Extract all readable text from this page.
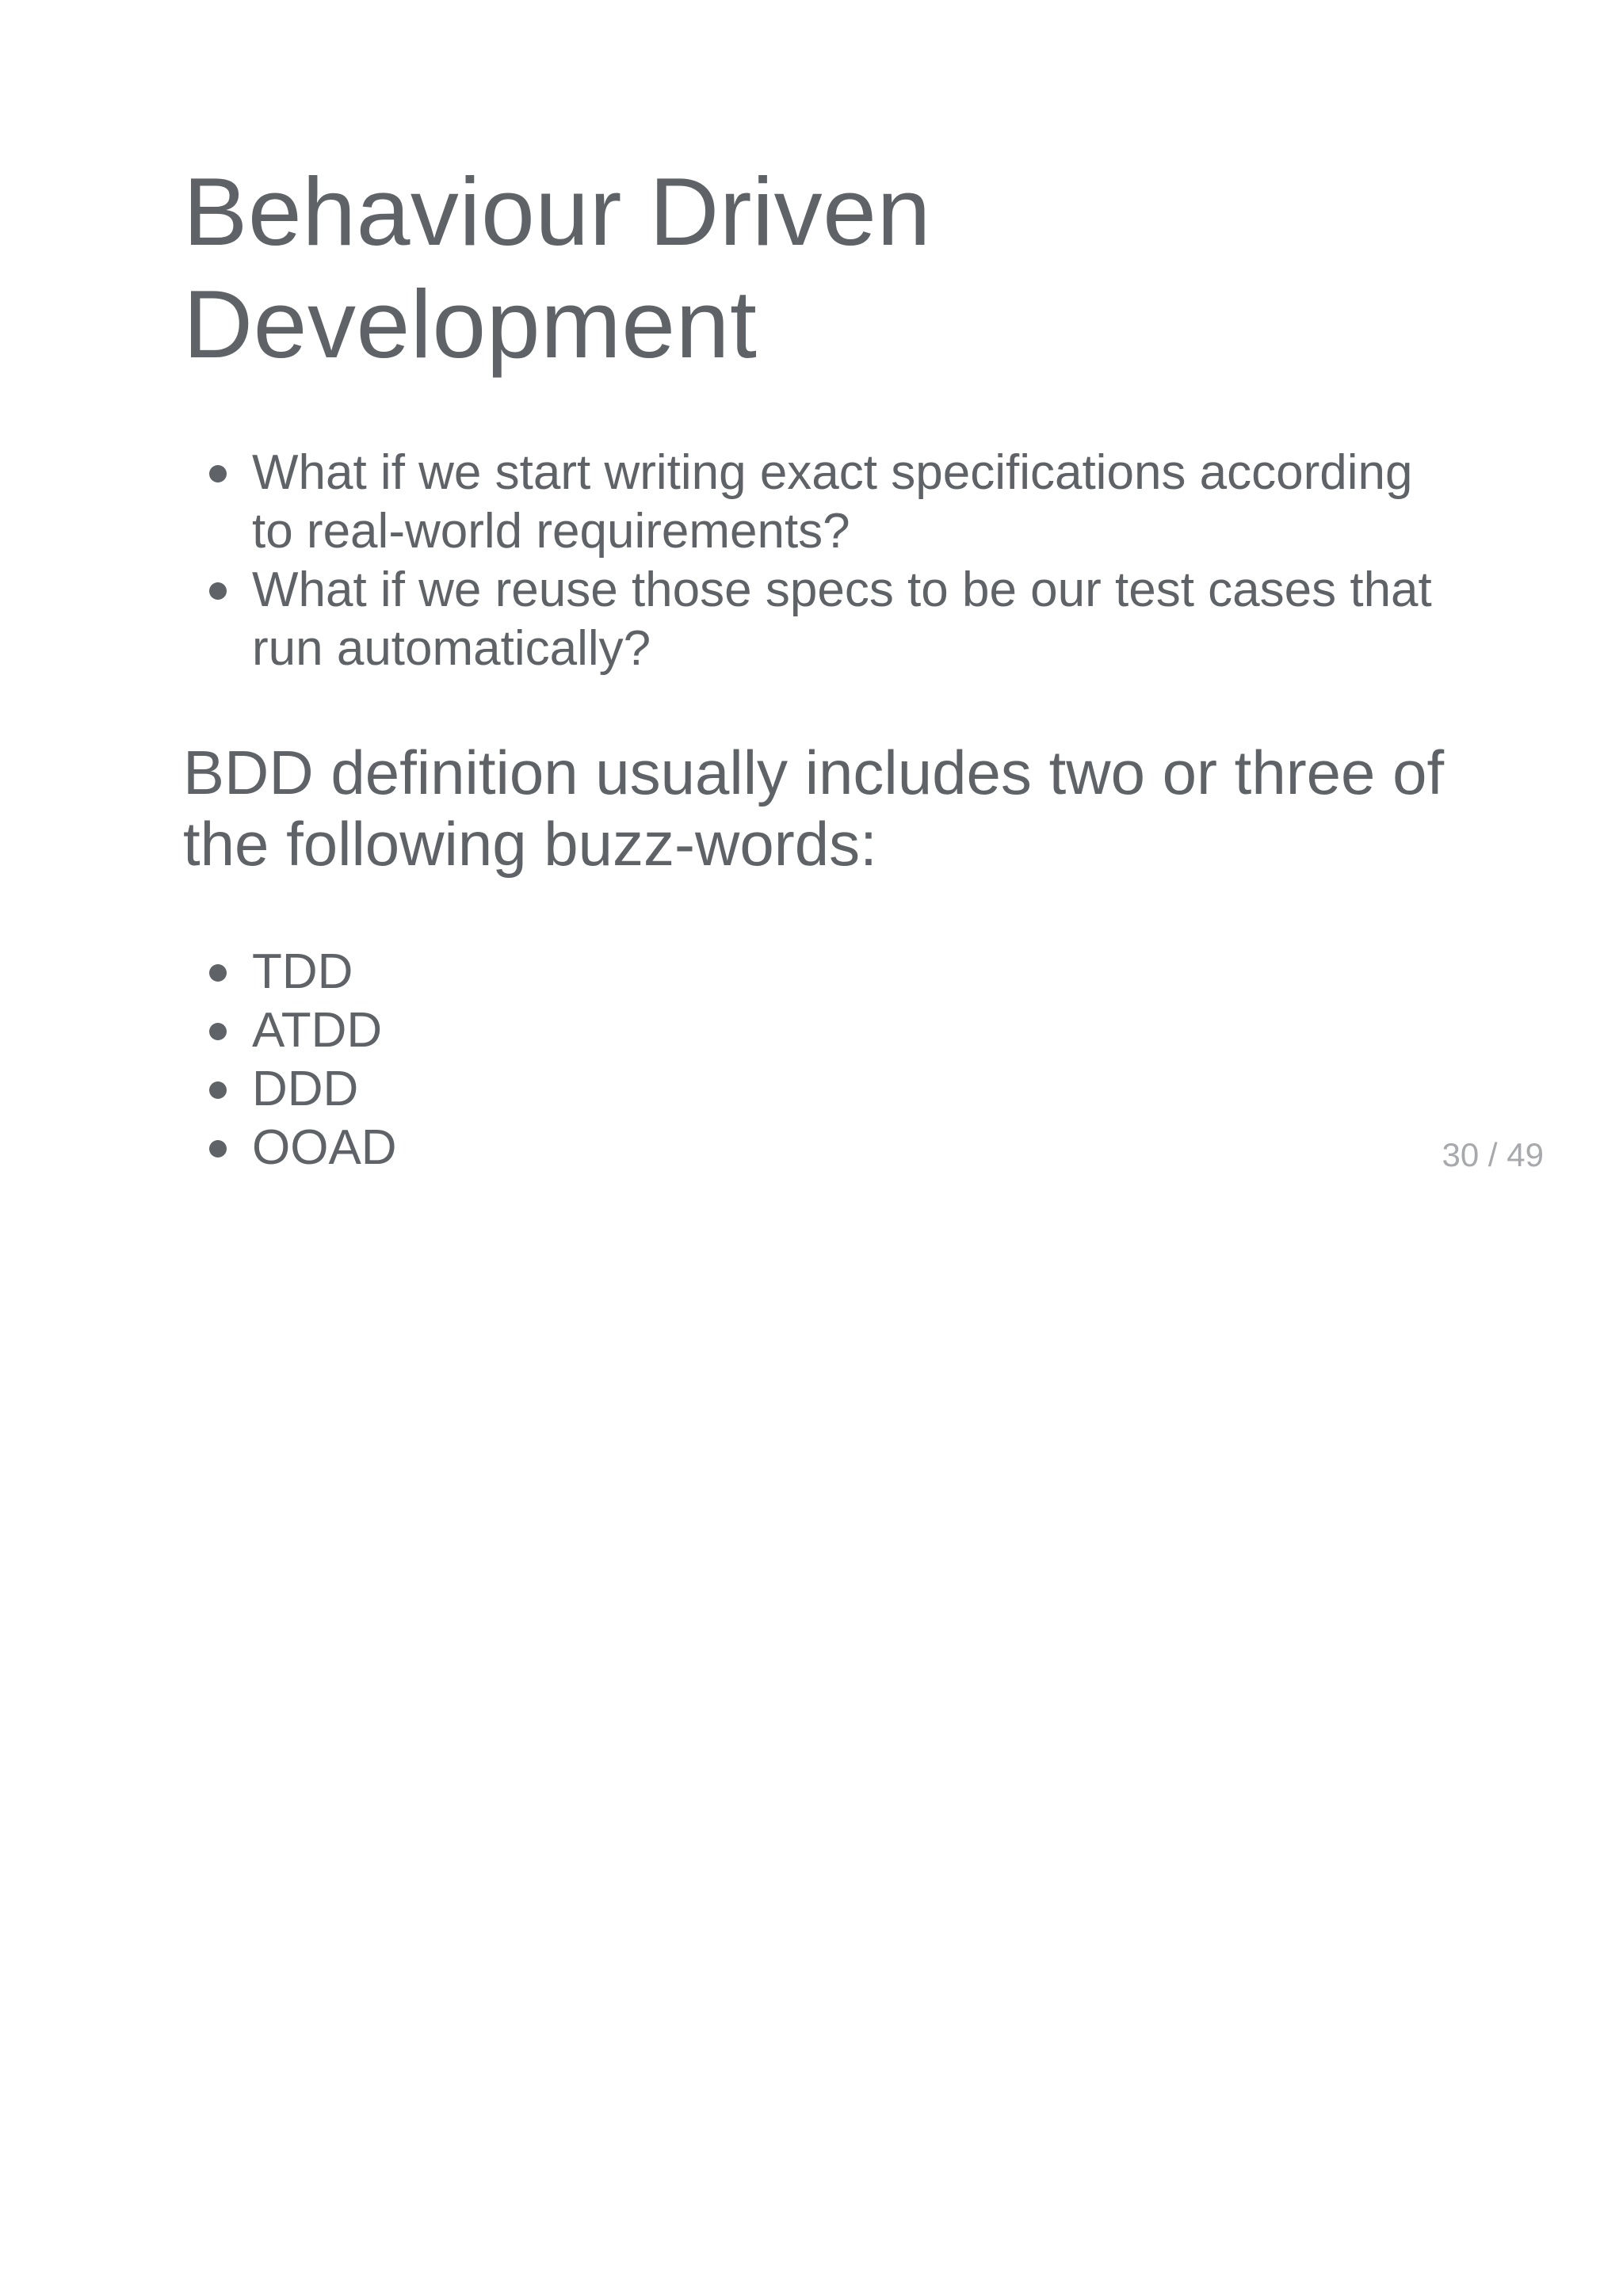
Behaviour Driven Development
What if we start writing exact specifications according to real-world requirements?
What if we reuse those specs to be our test cases that run automatically?
BDD definition usually includes two or three of the following buzz-words:
TDD
ATDD
DDD
OOAD	30 / 49
